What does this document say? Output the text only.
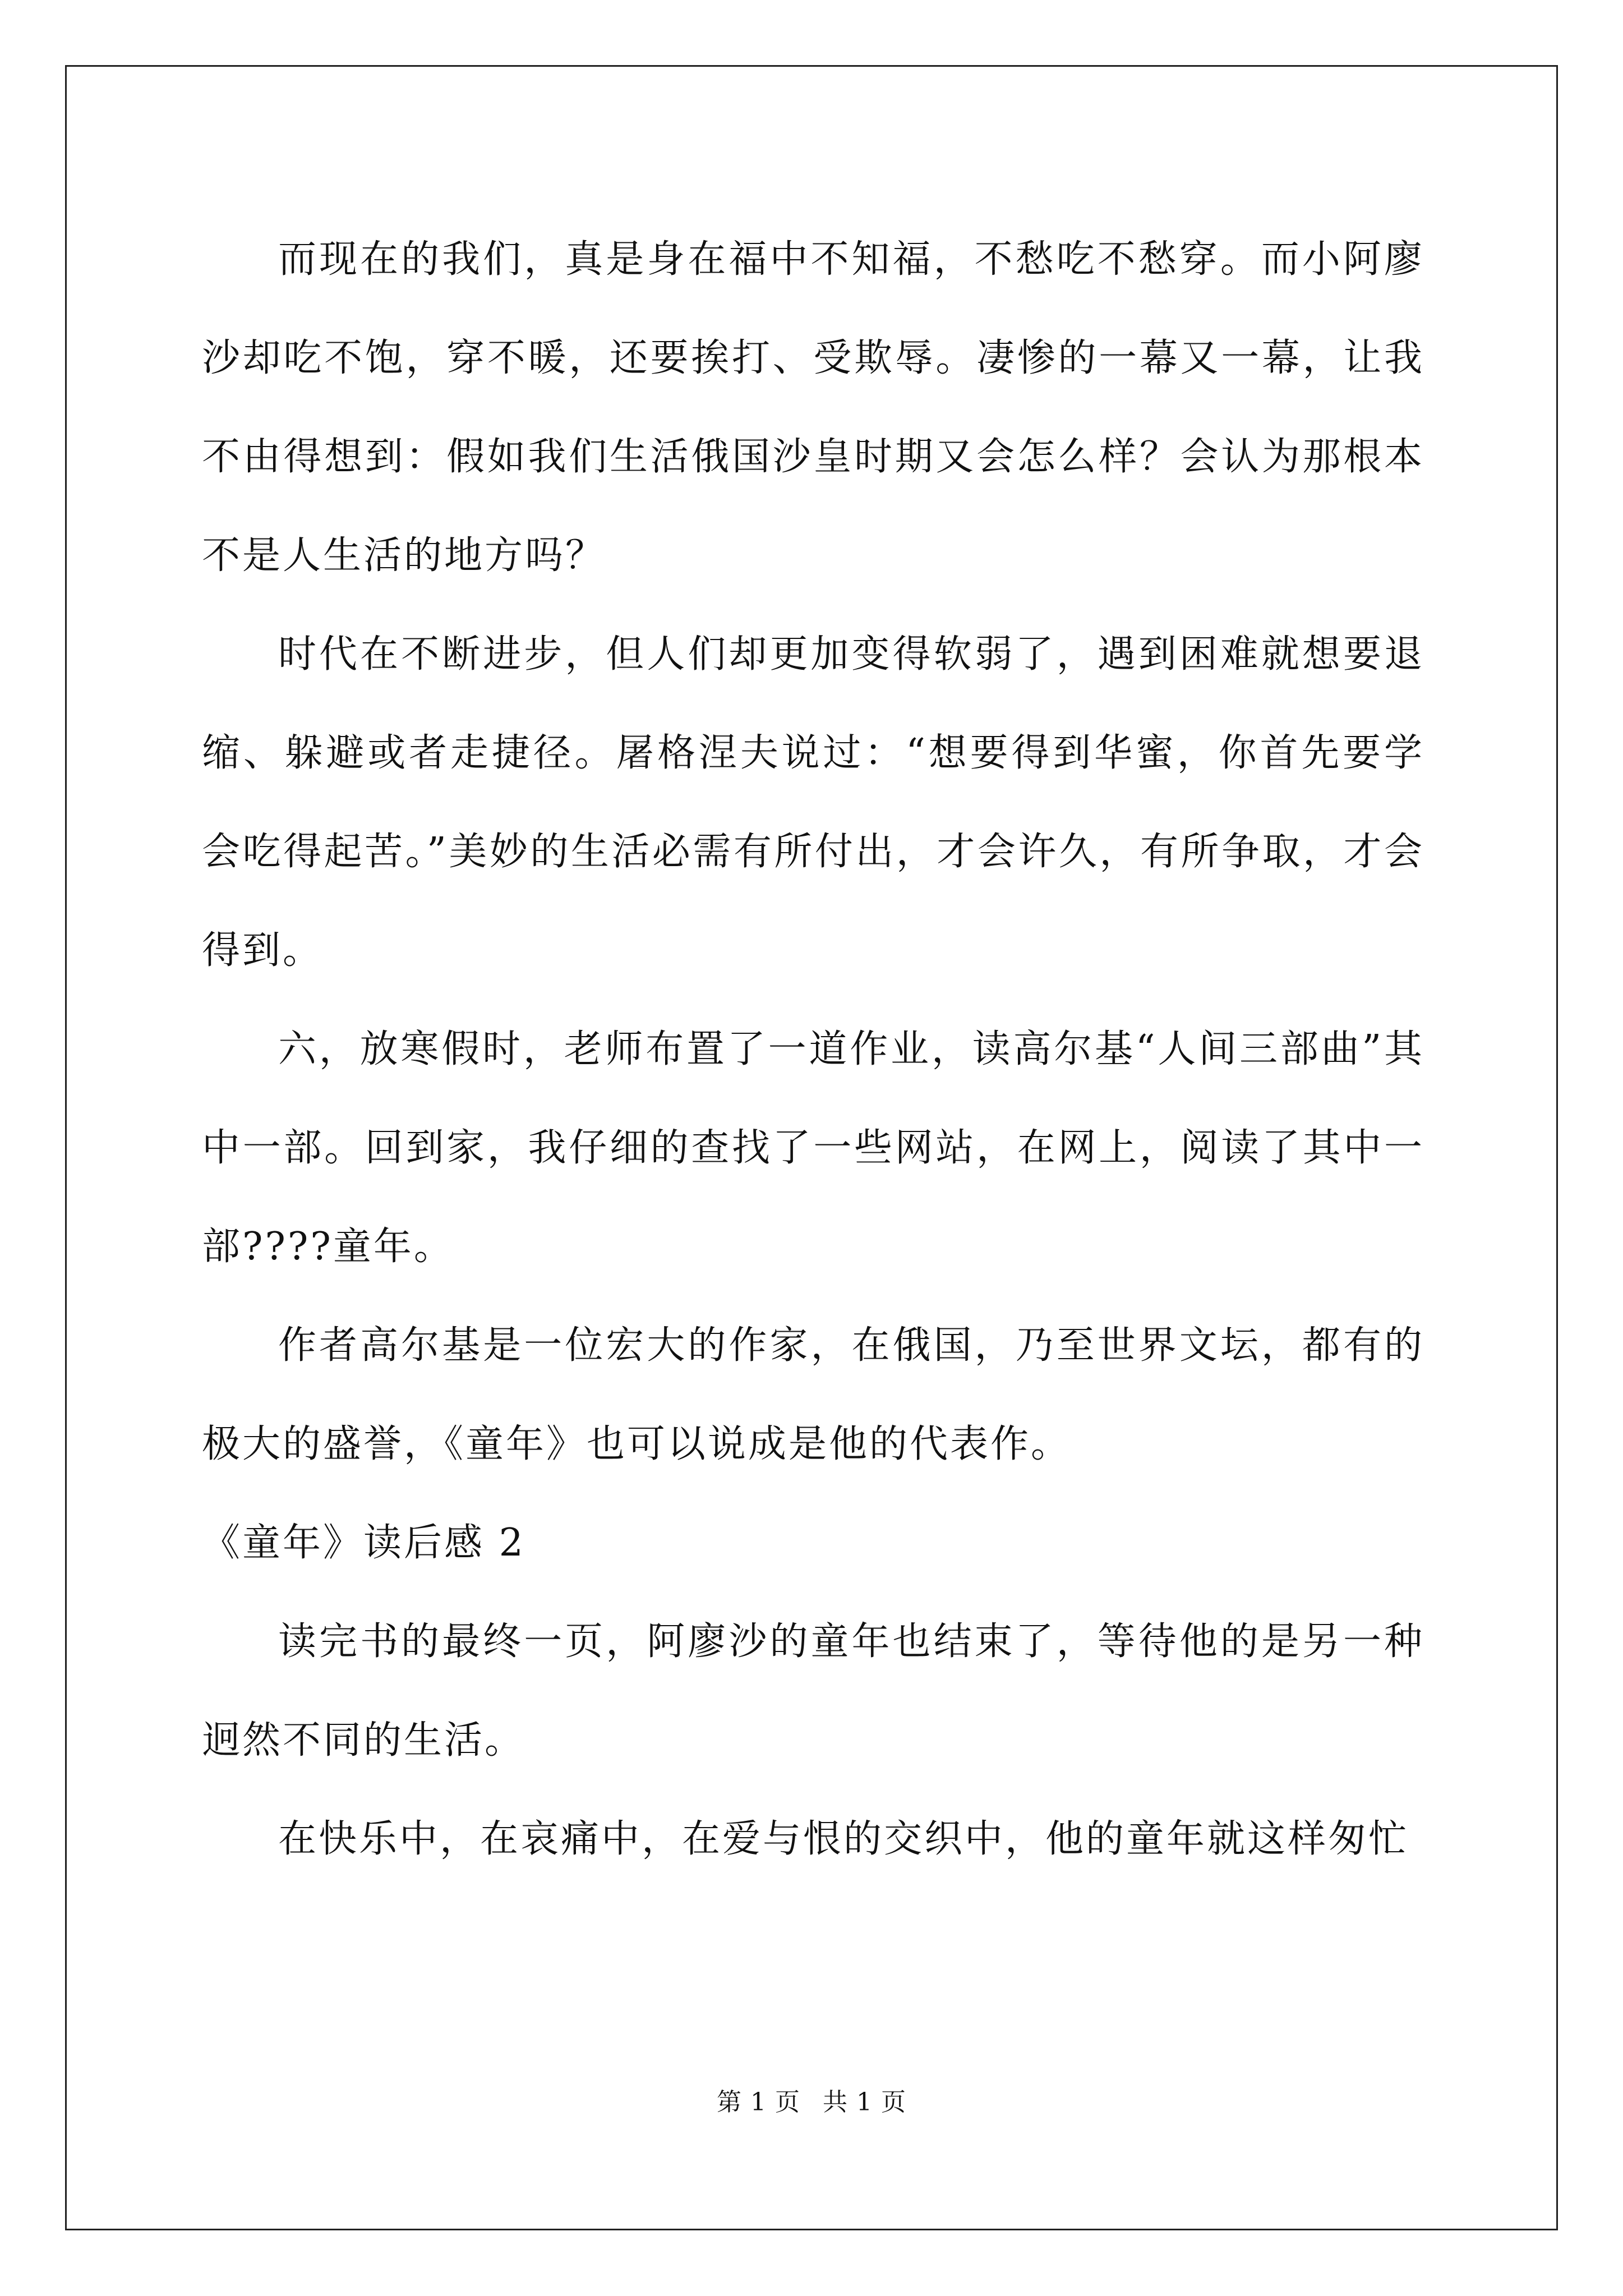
而现在的我们，真是身在福中不知福，不愁吃不愁穿。而小阿廖沙却吃不饱，穿不暖，还要挨打、受欺辱。凄惨的一幕又一幕，让我不由得想到：假如我们生活俄国沙皇时期又会怎么样？会认为那根本不是人生活的地方吗？

时代在不断进步，但人们却更加变得软弱了，遇到困难就想要退缩、躲避或者走捷径。屠格涅夫说过：“想要得到华蜜，你首先要学会吃得起苦。”美妙的生活必需有所付出，才会许久，有所争取，才会得到。

六，放寒假时，老师布置了一道作业，读高尔基“人间三部曲”其中一部。回到家，我仔细的查找了一些网站，在网上，阅读了其中一部????童年。

作者高尔基是一位宏大的作家，在俄国，乃至世界文坛，都有的极大的盛誉，《童年》也可以说成是他的代表作。

《童年》读后感 2

读完书的最终一页，阿廖沙的童年也结束了，等待他的是另一种迥然不同的生活。

在快乐中，在哀痛中，在爱与恨的交织中，他的童年就这样匆忙

第 1 页 共 1 页
